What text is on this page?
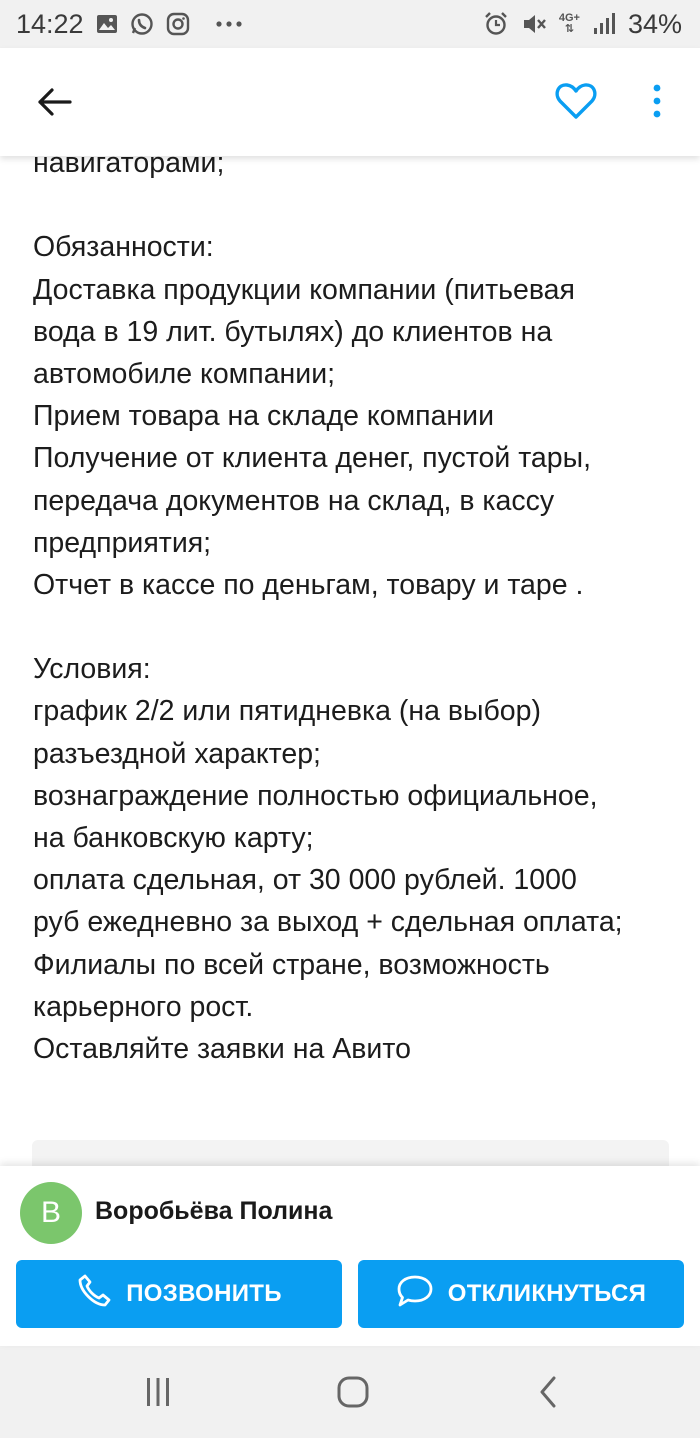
14:22	4G+
⇅ 34%
навигаторами;
Обязанности:
Доставка продукции компании (питьевая
вода в 19 лит. бутылях) до клиентов на
автомобиле компании;
Прием товара на складе компании
Получение от клиента денег, пустой тары,
передача документов на склад, в кассу
предприятия;
Отчет в кассе по деньгам, товару и таре .
Условия:
график 2/2 или пятидневка (на выбор)
разъездной характер;
вознаграждение полностью официальное,
на банковскую карту;
оплата сдельная, от 30 000 рублей. 1000
руб ежедневно за выход + сдельная оплата;
Филиалы по всей стране, возможность
карьерного рост.
Оставляйте заявки на Авито
В Воробьёва Полина
ПОЗВОНИТЬ	ОТКЛИКНУТЬСЯ
